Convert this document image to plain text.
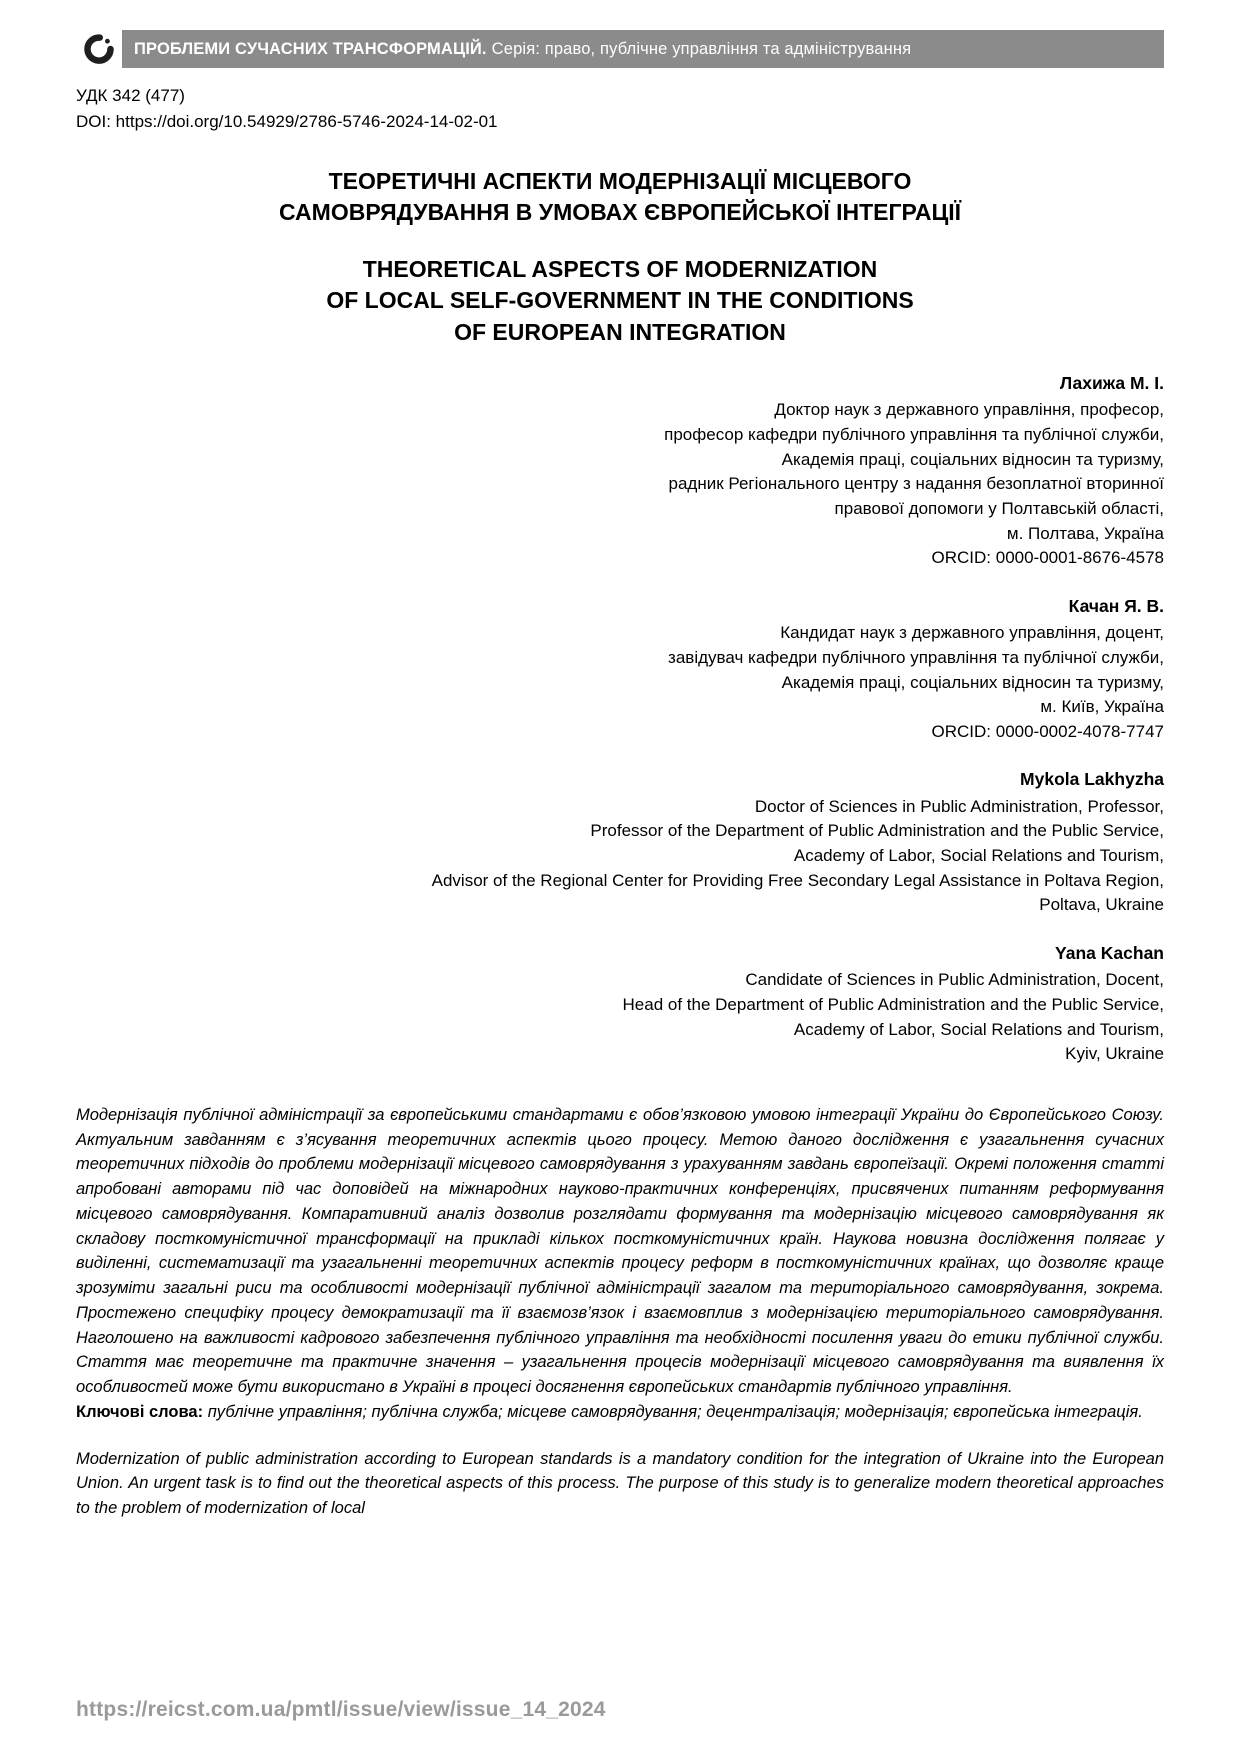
ПРОБЛЕМИ СУЧАСНИХ ТРАНСФОРМАЦІЙ. Серія: право, публічне управління та адміністрування
УДК 342 (477)
DOI: https://doi.org/10.54929/2786-5746-2024-14-02-01
ТЕОРЕТИЧНІ АСПЕКТИ МОДЕРНІЗАЦІЇ МІСЦЕВОГО
САМОВРЯДУВАННЯ В УМОВАХ ЄВРОПЕЙСЬКОЇ ІНТЕГРАЦІЇ
THEORETICAL ASPECTS OF MODERNIZATION
OF LOCAL SELF-GOVERNMENT IN THE CONDITIONS
OF EUROPEAN INTEGRATION
Лахижа М. І.
Доктор наук з державного управління, професор,
професор кафедри публічного управління та публічної служби,
Академія праці, соціальних відносин та туризму,
радник Регіонального центру з надання безоплатної вторинної
правової допомоги у Полтавській області,
м. Полтава, Україна
ORCID: 0000-0001-8676-4578
Качан Я. В.
Кандидат наук з державного управління, доцент,
завідувач кафедри публічного управління та публічної служби,
Академія праці, соціальних відносин та туризму,
м. Київ, Україна
ORCID: 0000-0002-4078-7747
Mykola Lakhyzha
Doctor of Sciences in Public Administration, Professor,
Professor of the Department of Public Administration and the Public Service,
Academy of Labor, Social Relations and Tourism,
Advisor of the Regional Center for Providing Free Secondary Legal Assistance in Poltava Region,
Poltava, Ukraine
Yana Kachan
Candidate of Sciences in Public Administration, Docent,
Head of the Department of Public Administration and the Public Service,
Academy of Labor, Social Relations and Tourism,
Kyiv, Ukraine

Модернізація публічної адміністрації за європейськими стандартами є обов’язковою умовою інтеграції України до Європейського Союзу. Актуальним завданням є з’ясування теоретичних аспектів цього процесу. Метою даного дослідження є узагальнення сучасних теоретичних підходів до проблеми модернізації місцевого самоврядування з урахуванням завдань європеїзації. Окремі положення статті апробовані авторами під час доповідей на міжнародних науково-практичних конференціях, присвячених питанням реформування місцевого самоврядування. Компаративний аналіз дозволив розглядати формування та модернізацію місцевого самоврядування як складову посткомуністичної трансформації на прикладі кількох посткомуністичних країн. Наукова новизна дослідження полягає у виділенні, систематизації та узагальненні теоретичних аспектів процесу реформ в посткомуністичних країнах, що дозволяє краще зрозуміти загальні риси та особливості модернізації публічної адміністрації загалом та територіального самоврядування, зокрема. Простежено специфіку процесу демократизації та її взаємозв’язок і взаємовплив з модернізацією територіального самоврядування. Наголошено на важливості кадрового забезпечення публічного управління та необхідності посилення уваги до етики публічної служби. Стаття має теоретичне та практичне значення – узагальнення процесів модернізації місцевого самоврядування та виявлення їх особливостей може бути використано в Україні в процесі досягнення європейських стандартів публічного управління.

Ключові слова: публічне управління; публічна служба; місцеве самоврядування; децентралізація; модернізація; європейська інтеграція.

Modernization of public administration according to European standards is a mandatory condition for the integration of Ukraine into the European Union. An urgent task is to find out the theoretical aspects of this process. The purpose of this study is to generalize modern theoretical approaches to the problem of modernization of local

https://reicst.com.ua/pmtl/issue/view/issue_14_2024
